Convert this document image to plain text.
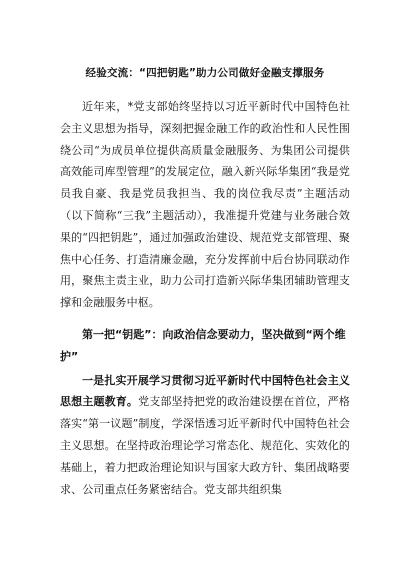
经验交流：“四把钥匙”助力公司做好金融支撑服务

近年来，*党支部始终坚持以习近平新时代中国特色社会主义思想为指导，深刻把握金融工作的政治性和人民性围绕公司“为成员单位提供高质量金融服务、为集团公司提供高效能司库型管理”的发展定位，融入新兴际华集团“我是党员我自豪、我是党员我担当、我的岗位我尽责”主题活动（以下简称“三我”主题活动），我准提升党建与业务融合效果的“四把钥匙”，通过加强政治建设、规范党支部管理、聚焦中心任务、打造清廉金融，充分发挥前中后台协同联动作用，聚焦主责主业，助力公司打造新兴际华集团辅助管理支撑和金融服务中枢。

第一把“钥匙”：向政治信念要动力，坚决做到“两个维护”

一是扎实开展学习贯彻习近平新时代中国特色社会主义思想主题教育。党支部坚持把党的政治建设摆在首位，严格落实“第一议题”制度，学深悟透习近平新时代中国特色社会主义思想。在坚持政治理论学习常态化、规范化、实效化的基础上，着力把政治理论知识与国家大政方针、集团战略要求、公司重点任务紧密结合。党支部共组织集
